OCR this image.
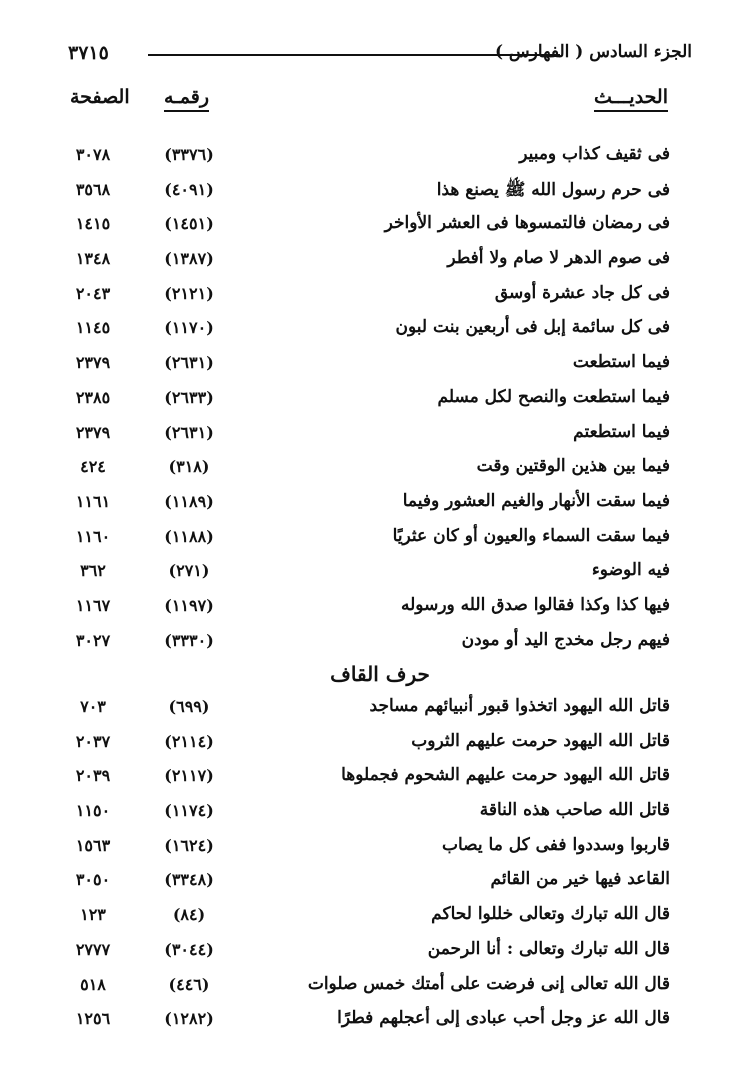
٣٧١٥	الجزء السادس ( الفهارس )
الصفحة رقمـه	الحديـــث
فى ثقيف كذاب ومبير
(٣٣٧٦)
٣٠٧٨
فى حرم رسول الله ﷺ يصنع هذا
(٤٠٩١)
٣٥٦٨
فى رمضان فالتمسوها فى العشر الأواخر
(١٤٥١)
١٤١٥
فى صوم الدهر لا صام ولا أفطر
(١٣٨٧)
١٣٤٨
فى كل جاد عشرة أوسق
(٢١٢١)
٢٠٤٣
فى كل سائمة إبل فى أربعين بنت لبون
(١١٧٠)
١١٤٥
فيما استطعت
(٢٦٣١)
٢٣٧٩
فيما استطعت والنصح لكل مسلم
(٢٦٣٣)
٢٣٨٥
فيما استطعتم
(٢٦٣١)
٢٣٧٩
فيما بين هذين الوقتين وقت
(٣١٨)
٤٢٤
فيما سقت الأنهار والغيم العشور وفيما
(١١٨٩)
١١٦١
فيما سقت السماء والعيون أو كان عثريًا
(١١٨٨)
١١٦٠
فيه الوضوء
(٢٧١)
٣٦٢
فيها كذا وكذا فقالوا صدق الله ورسوله
(١١٩٧)
١١٦٧
فيهم رجل مخدج اليد أو مودن
(٣٣٣٠)
٣٠٢٧
حرف القاف
قاتل الله اليهود اتخذوا قبور أنبيائهم مساجد
(٦٩٩)
٧٠٣
قاتل الله اليهود حرمت عليهم الثروب
(٢١١٤)
٢٠٣٧
قاتل الله اليهود حرمت عليهم الشحوم فجملوها
(٢١١٧)
٢٠٣٩
قاتل الله صاحب هذه الناقة
(١١٧٤)
١١٥٠
قاربوا وسددوا ففى كل ما يصاب
(١٦٢٤)
١٥٦٣
القاعد فيها خير من القائم
(٣٣٤٨)
٣٠٥٠
قال الله تبارك وتعالى خللوا لحاكم
(٨٤)
١٢٣
قال الله تبارك وتعالى : أنا الرحمن
(٣٠٤٤)
٢٧٧٧
قال الله تعالى إنى فرضت على أمتك خمس صلوات
(٤٤٦)
٥١٨
قال الله عز وجل أحب عبادى إلى أعجلهم فطرًا
(١٢٨٢)
١٢٥٦
